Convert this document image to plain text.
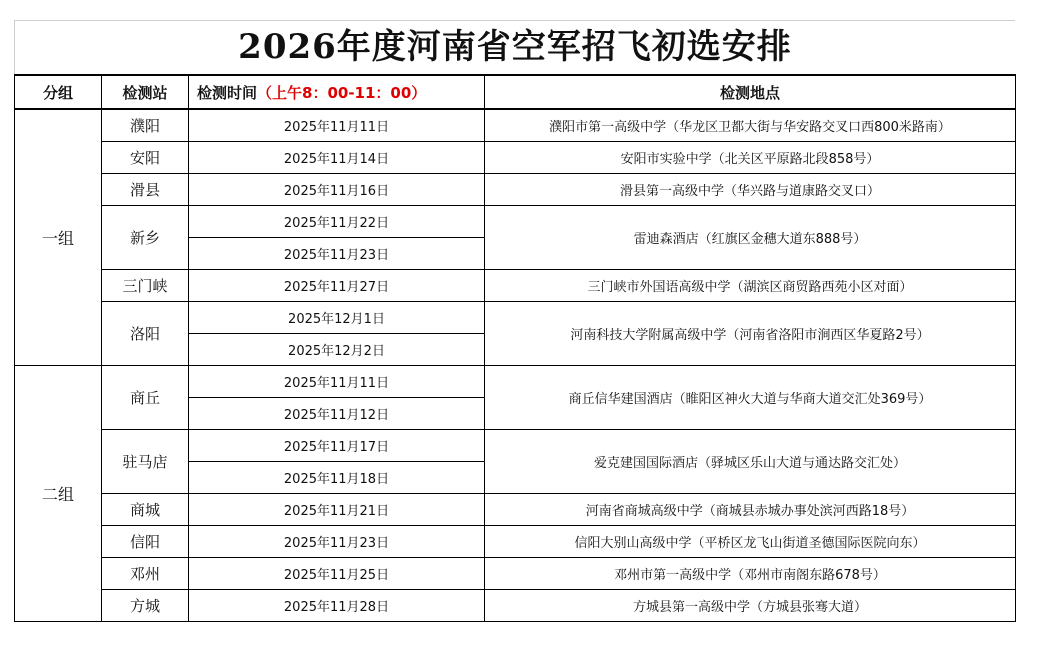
2026年度河南省空军招飞初选安排
分组	检测站	检测时间（上午8：00-11：00）	检测地点
一组	濮阳	2025年11月11日	濮阳市第一高级中学（华龙区卫都大街与华安路交叉口西800米路南）
	安阳	2025年11月14日	安阳市实验中学（北关区平原路北段858号）
	滑县	2025年11月16日	滑县第一高级中学（华兴路与道康路交叉口）
	新乡	2025年11月22日	雷迪森酒店（红旗区金穗大道东888号）
		2025年11月23日	
	三门峡	2025年11月27日	三门峡市外国语高级中学（湖滨区商贸路西苑小区对面）
	洛阳	2025年12月1日	河南科技大学附属高级中学（河南省洛阳市涧西区华夏路2号）
		2025年12月2日	
二组	商丘	2025年11月11日	商丘信华建国酒店（睢阳区神火大道与华商大道交汇处369号）
		2025年11月12日	
	驻马店	2025年11月17日	爱克建国国际酒店（驿城区乐山大道与通达路交汇处）
		2025年11月18日	
	商城	2025年11月21日	河南省商城高级中学（商城县赤城办事处滨河西路18号）
	信阳	2025年11月23日	信阳大别山高级中学（平桥区龙飞山街道圣德国际医院向东）
	邓州	2025年11月25日	邓州市第一高级中学（邓州市南阁东路678号）
	方城	2025年11月28日	方城县第一高级中学（方城县张骞大道）
